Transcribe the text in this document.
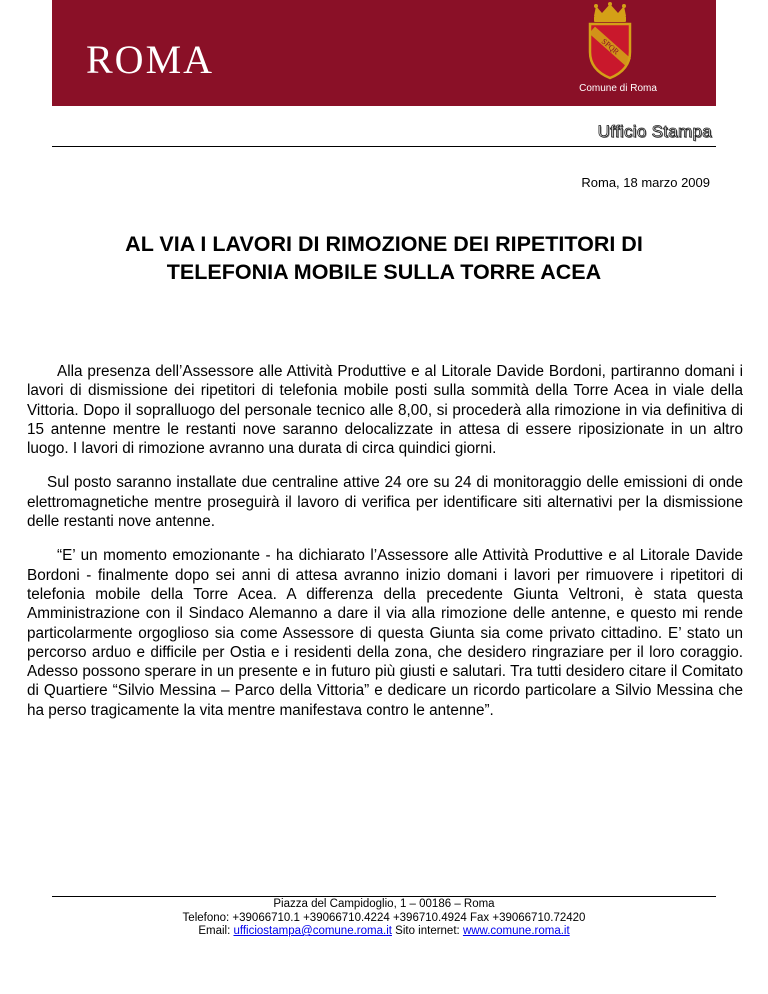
ROMA	SPQR
Comune di Roma
Ufficio Stampa
Roma, 18 marzo 2009
AL VIA I LAVORI DI RIMOZIONE DEI RIPETITORI DI
TELEFONIA MOBILE SULLA TORRE ACEA

Alla presenza dell’Assessore alle Attività Produttive e al Litorale Davide Bordoni, partiranno domani i lavori di dismissione dei ripetitori di telefonia mobile posti sulla sommità della Torre Acea in viale della Vittoria. Dopo il sopralluogo del personale tecnico alle 8,00, si procederà alla rimozione in via definitiva di 15 antenne mentre le restanti nove saranno delocalizzate in attesa di essere riposizionate in un altro luogo. I lavori di rimozione avranno una durata di circa quindici giorni.

Sul posto saranno installate due centraline attive 24 ore su 24 di monitoraggio delle emissioni di onde elettromagnetiche mentre proseguirà il lavoro di verifica per identificare siti alternativi per la dismissione delle restanti nove antenne.

“E’ un momento emozionante - ha dichiarato l’Assessore alle Attività Produttive e al Litorale Davide Bordoni - finalmente dopo sei anni di attesa avranno inizio domani i lavori per rimuovere i ripetitori di telefonia mobile della Torre Acea. A differenza della precedente Giunta Veltroni, è stata questa Amministrazione con il Sindaco Alemanno a dare il via alla rimozione delle antenne, e questo mi rende particolarmente orgoglioso sia come Assessore di questa Giunta sia come privato cittadino. E’ stato un percorso arduo e difficile per Ostia e i residenti della zona, che desidero ringraziare per il loro coraggio. Adesso possono sperare in un presente e in futuro più giusti e salutari. Tra tutti desidero citare il Comitato di Quartiere “Silvio Messina – Parco della Vittoria” e dedicare un ricordo particolare a Silvio Messina che ha perso tragicamente la vita mentre manifestava contro le antenne”.

Piazza del Campidoglio, 1 – 00186 – Roma
Telefono: +39066710.1 +39066710.4224 +396710.4924 Fax +39066710.72420
Email: ufficiostampa@comune.roma.it Sito internet: www.comune.roma.it
